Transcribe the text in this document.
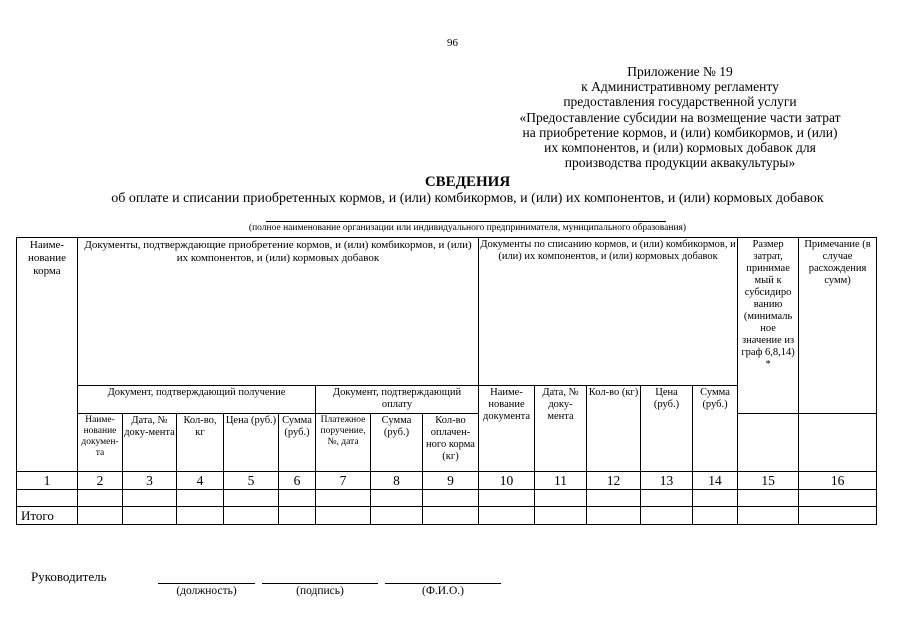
96
Приложение № 19
к Административному регламенту
предоставления государственной услуги
«Предоставление субсидии на возмещение части затрат
на приобретение кормов, и (или) комбикормов, и (или)
их компонентов, и (или) кормовых добавок для
производства продукции аквакультуры»
СВЕДЕНИЯ
об оплате и списании приобретенных кормов, и (или) комбикормов, и (или) их компонентов, и (или) кормовых добавок
(полное наименование организации или индивидуального предпринимателя, муниципального образования)
Наиме-нование корма	Документы, подтверждающие приобретение кормов, и (или) комбикормов, и (или) их компонентов, и (или) кормовых добавок								Документы по списанию кормов, и (или) комбикормов, и (или) их компонентов, и (или) кормовых добавок					Размер затрат, принимае мый к субсидиро ванию (минималь ное значение из граф 6,8,14) *	Примечание (в случае расхождения сумм)
	Документ, подтверждающий получение					Документ, подтверждающий оплату			Наиме-нование документа	Дата, № доку-мента	Кол-во (кг)	Цена (руб.)	Сумма (руб.)		
	Наиме-нование докумен-та	Дата, № доку-мента	Кол-во, кг	Цена (руб.)	Сумма (руб.)	Платежное поручение, №, дата	Сумма (руб.)	Кол-во оплачен-ного корма (кг)							
1	2	3	4	5	6	7	8	9	10	11	12	13	14	15	16

Итого															
Руководитель
(должность)	(подпись)	(Ф.И.О.)
